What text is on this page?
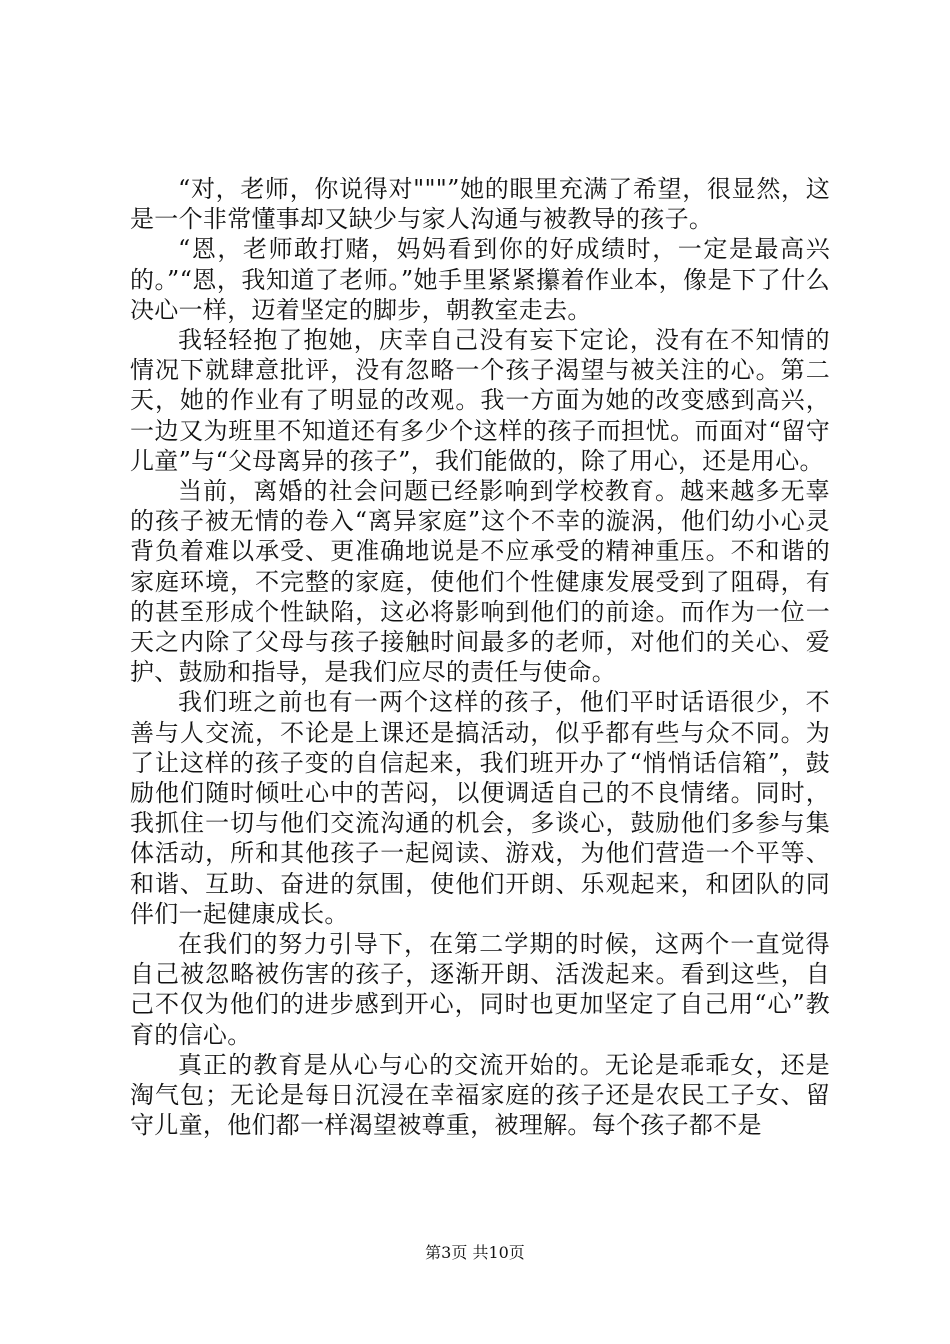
“对，老师，你说得对"""”她的眼里充满了希望，很显然，这是一个非常懂事却又缺少与家人沟通与被教导的孩子。

“恩，老师敢打赌，妈妈看到你的好成绩时，一定是最高兴的。”“恩，我知道了老师。”她手里紧紧攥着作业本，像是下了什么决心一样，迈着坚定的脚步，朝教室走去。

我轻轻抱了抱她，庆幸自己没有妄下定论，没有在不知情的情况下就肆意批评，没有忽略一个孩子渴望与被关注的心。第二天，她的作业有了明显的改观。我一方面为她的改变感到高兴，一边又为班里不知道还有多少个这样的孩子而担忧。而面对“留守儿童”与“父母离异的孩子”，我们能做的，除了用心，还是用心。

当前，离婚的社会问题已经影响到学校教育。越来越多无辜的孩子被无情的卷入“离异家庭”这个不幸的漩涡，他们幼小心灵背负着难以承受、更准确地说是不应承受的精神重压。不和谐的家庭环境，不完整的家庭，使他们个性健康发展受到了阻碍，有的甚至形成个性缺陷，这必将影响到他们的前途。而作为一位一天之内除了父母与孩子接触时间最多的老师，对他们的关心、爱护、鼓励和指导，是我们应尽的责任与使命。

我们班之前也有一两个这样的孩子，他们平时话语很少，不善与人交流，不论是上课还是搞活动，似乎都有些与众不同。为了让这样的孩子变的自信起来，我们班开办了“悄悄话信箱”，鼓励他们随时倾吐心中的苦闷，以便调适自己的不良情绪。同时，我抓住一切与他们交流沟通的机会，多谈心，鼓励他们多参与集体活动，所和其他孩子一起阅读、游戏，为他们营造一个平等、和谐、互助、奋进的氛围，使他们开朗、乐观起来，和团队的同伴们一起健康成长。

在我们的努力引导下，在第二学期的时候，这两个一直觉得自己被忽略被伤害的孩子，逐渐开朗、活泼起来。看到这些，自己不仅为他们的进步感到开心，同时也更加坚定了自己用“心”教育的信心。

真正的教育是从心与心的交流开始的。无论是乖乖女，还是淘气包；无论是每日沉浸在幸福家庭的孩子还是农民工子女、留守儿童，他们都一样渴望被尊重，被理解。每个孩子都不是

第3页 共10页
